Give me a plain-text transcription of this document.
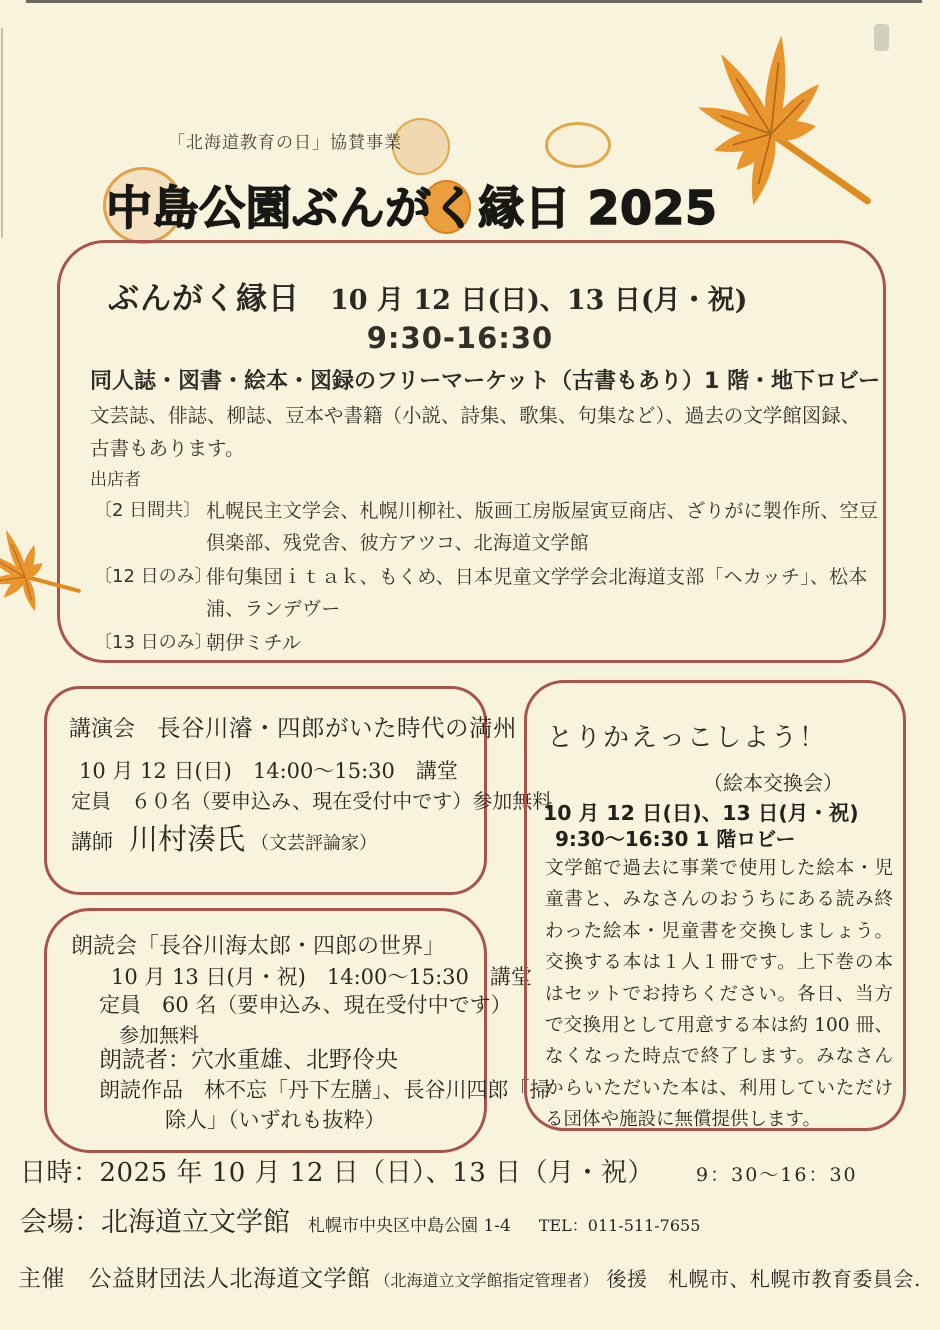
「北海道教育の日」協賛事業
中島公園ぶんがく縁日 2025
ぶんがく縁日 10 月 12 日(日)、13 日(月・祝)
9:30-16:30
同人誌・図書・絵本・図録のフリーマーケット（古書もあり）1 階・地下ロビー
文芸誌、俳誌、柳誌、豆本や書籍（小説、詩集、歌集、句集など）、過去の文学館図録、古書もあります。
出店者
〔2 日間共〕 札幌民主文学会、札幌川柳社、版画工房版屋寅豆商店、ざりがに製作所、空豆倶楽部、残党舎、彼方アツコ、北海道文学館
〔12 日のみ〕
俳句集団ｉｔａｋ、もくめ、日本児童文学学会北海道支部「ヘカッチ」、松本浦、ランデヴー
〔13 日のみ〕
朝伊ミチル
講演会 長谷川濬・四郎がいた時代の満州
10 月 12 日(日)　14:00～15:30　講堂
定員　６０名（要申込み、現在受付中です）参加無料
講師 川村湊氏 （文芸評論家）
朗読会「長谷川海太郎・四郎の世界」
10 月 13 日(月・祝)　14:00～15:30　講堂
定員　60 名（要申込み、現在受付中です）
参加無料
朗読者：穴水重雄、北野伶央
朗読作品　林不忘「丹下左膳」、長谷川四郎「掃
除人」（いずれも抜粋）
とりかえっこしよう！
（絵本交換会）
10 月 12 日(日)、13 日(月・祝)
9:30～16:30 1 階ロビー

文学館で過去に事業で使用した絵本・児童書と、みなさんのおうちにある読み終わった絵本・児童書を交換しましょう。交換する本は１人１冊です。上下巻の本はセットでお持ちください。各日、当方で交換用として用意する本は約 100 冊、なくなった時点で終了します。みなさんからいただいた本は、利用していただける団体や施設に無償提供します。

日時：2025 年 10 月 12 日（日）、13 日（月・祝） 9：30～16：30
会場：北海道立文学館 札幌市中央区中島公園 1-4 TEL：011-511-7655
主催　公益財団法人北海道文学館 （北海道立文学館指定管理者） 後援　札幌市、札幌市教育委員会.
